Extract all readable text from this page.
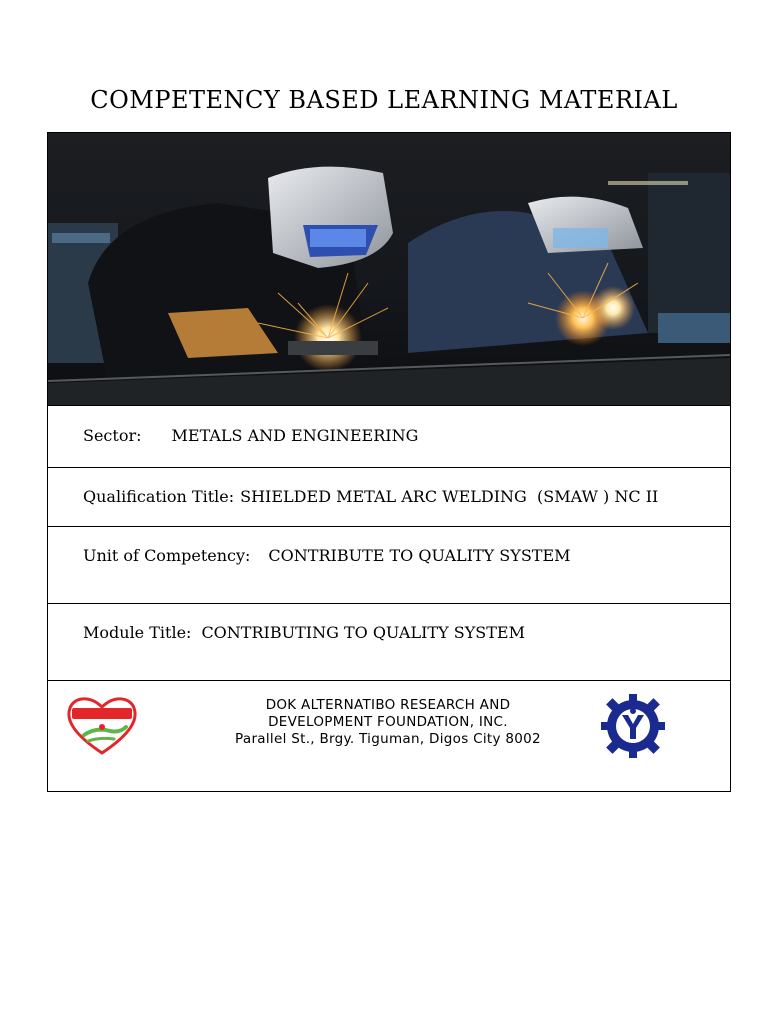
COMPETENCY BASED LEARNING MATERIAL
Sector: METALS AND ENGINEERING
Qualification Title: SHIELDED METAL ARC WELDING  (SMAW ) NC II
Unit of Competency: CONTRIBUTE TO QUALITY SYSTEM
Module Title: CONTRIBUTING TO QUALITY SYSTEM
DOK ALTERNATIBO RESEARCH AND
DEVELOPMENT FOUNDATION, INC.
Parallel St., Brgy. Tiguman, Digos City 8002
